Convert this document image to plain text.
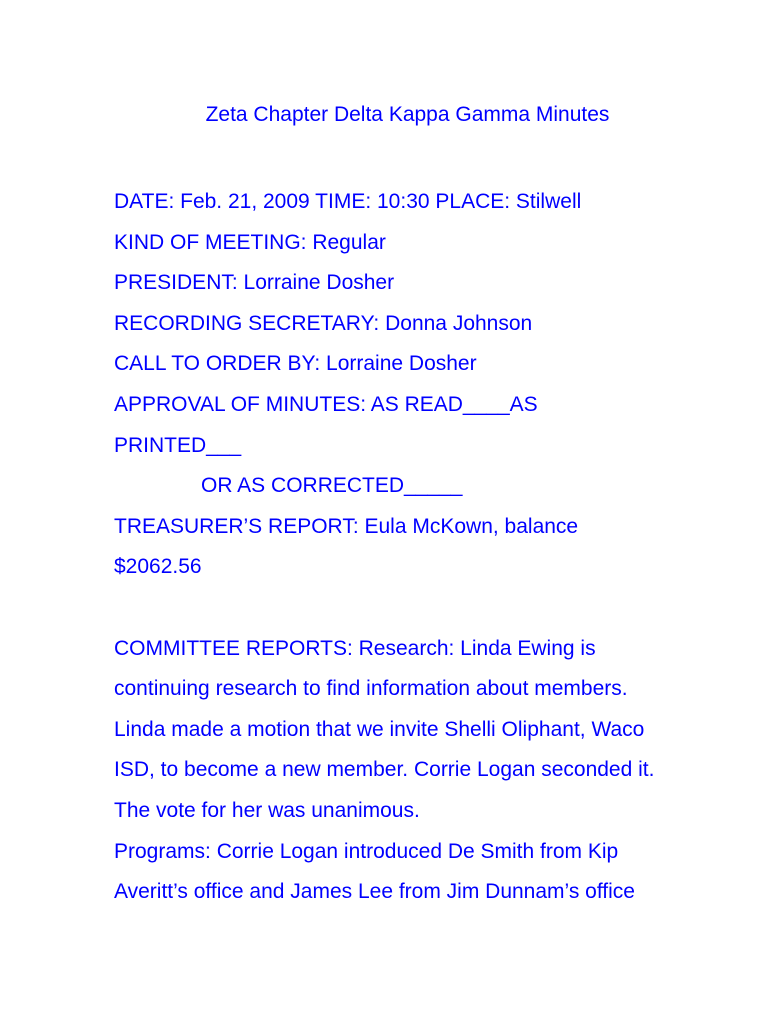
Zeta Chapter Delta Kappa Gamma Minutes
DATE: Feb. 21, 2009 TIME: 10:30 PLACE: Stilwell
KIND OF MEETING: Regular
PRESIDENT: Lorraine Dosher
RECORDING SECRETARY: Donna Johnson
CALL TO ORDER BY: Lorraine Dosher
APPROVAL OF MINUTES: AS READ____AS
PRINTED___
OR AS CORRECTED_____
TREASURER’S REPORT: Eula McKown, balance
$2062.56
COMMITTEE REPORTS: Research: Linda Ewing is
continuing research to find information about members.
Linda made a motion that we invite Shelli Oliphant, Waco
ISD, to become a new member. Corrie Logan seconded it.
The vote for her was unanimous.
Programs: Corrie Logan introduced De Smith from Kip
Averitt’s office and James Lee from Jim Dunnam’s office
